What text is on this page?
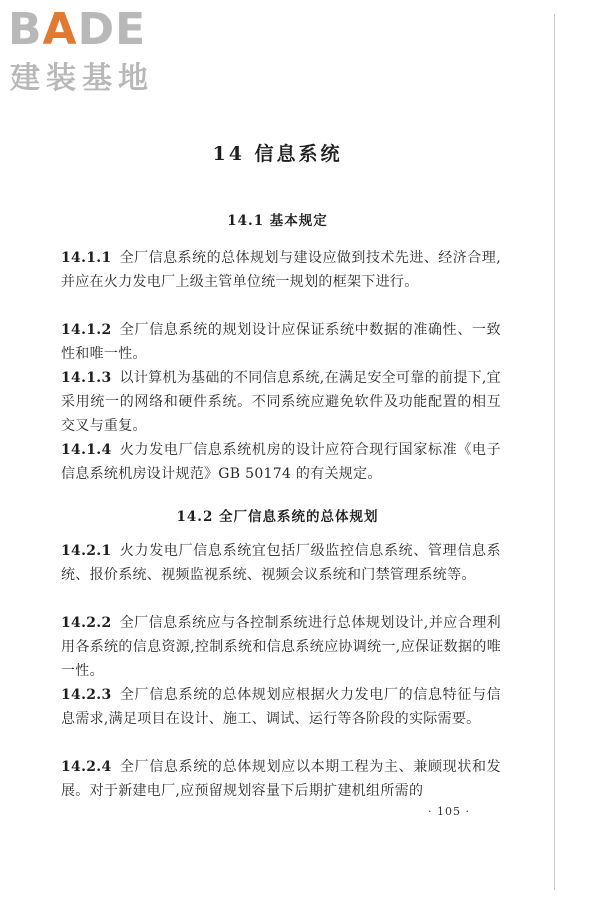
BADE
建装基地
14 信息系统
14.1 基本规定
14.1.1 全厂信息系统的总体规划与建设应做到技术先进、经济合理,并应在火力发电厂上级主管单位统一规划的框架下进行。
14.1.2 全厂信息系统的规划设计应保证系统中数据的准确性、一致性和唯一性。
14.1.3 以计算机为基础的不同信息系统,在满足安全可靠的前提下,宜采用统一的网络和硬件系统。不同系统应避免软件及功能配置的相互交叉与重复。
14.1.4 火力发电厂信息系统机房的设计应符合现行国家标准《电子信息系统机房设计规范》GB 50174 的有关规定。
14.2 全厂信息系统的总体规划
14.2.1 火力发电厂信息系统宜包括厂级监控信息系统、管理信息系统、报价系统、视频监视系统、视频会议系统和门禁管理系统等。
14.2.2 全厂信息系统应与各控制系统进行总体规划设计,并应合理利用各系统的信息资源,控制系统和信息系统应协调统一,应保证数据的唯一性。
14.2.3 全厂信息系统的总体规划应根据火力发电厂的信息特征与信息需求,满足项目在设计、施工、调试、运行等各阶段的实际需要。
14.2.4 全厂信息系统的总体规划应以本期工程为主、兼顾现状和发展。对于新建电厂,应预留规划容量下后期扩建机组所需的
· 105 ·
